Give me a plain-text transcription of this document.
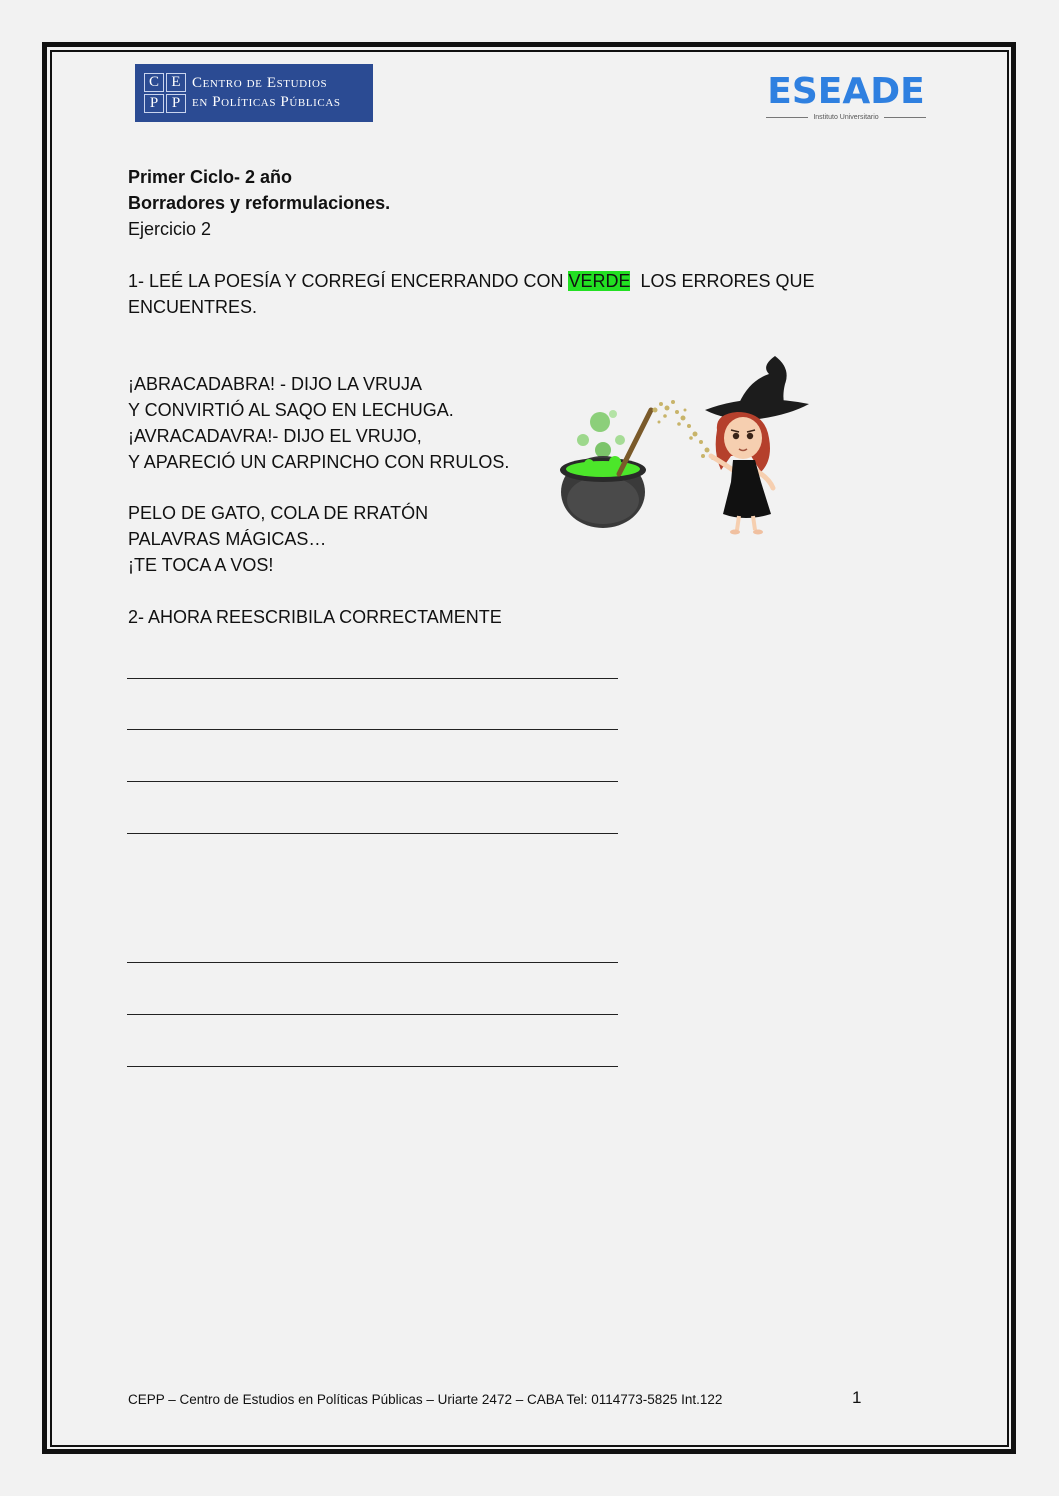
C E
P P
Centro de Estudios
en Políticas Públicas	ESEADE
Instituto Universitario
Primer Ciclo- 2 año
Borradores y reformulaciones.
Ejercicio 2
1- LEÉ LA POESÍA Y CORREGÍ ENCERRANDO CON VERDE  LOS ERRORES QUE
ENCUENTRES.
¡ABRACADABRA! - DIJO LA VRUJA
Y CONVIRTIÓ AL SAQO EN LECHUGA.
¡AVRACADAVRA!- DIJO EL VRUJO,
Y APARECIÓ UN CARPINCHO CON RRULOS.
PELO DE GATO, COLA DE RRATÓN
PALAVRAS MÁGICAS…
¡TE TOCA A VOS!
2- AHORA REESCRIBILA CORRECTAMENTE
CEPP – Centro de Estudios en Políticas Públicas – Uriarte 2472 – CABA Tel: 0114773-5825 Int.122	1
